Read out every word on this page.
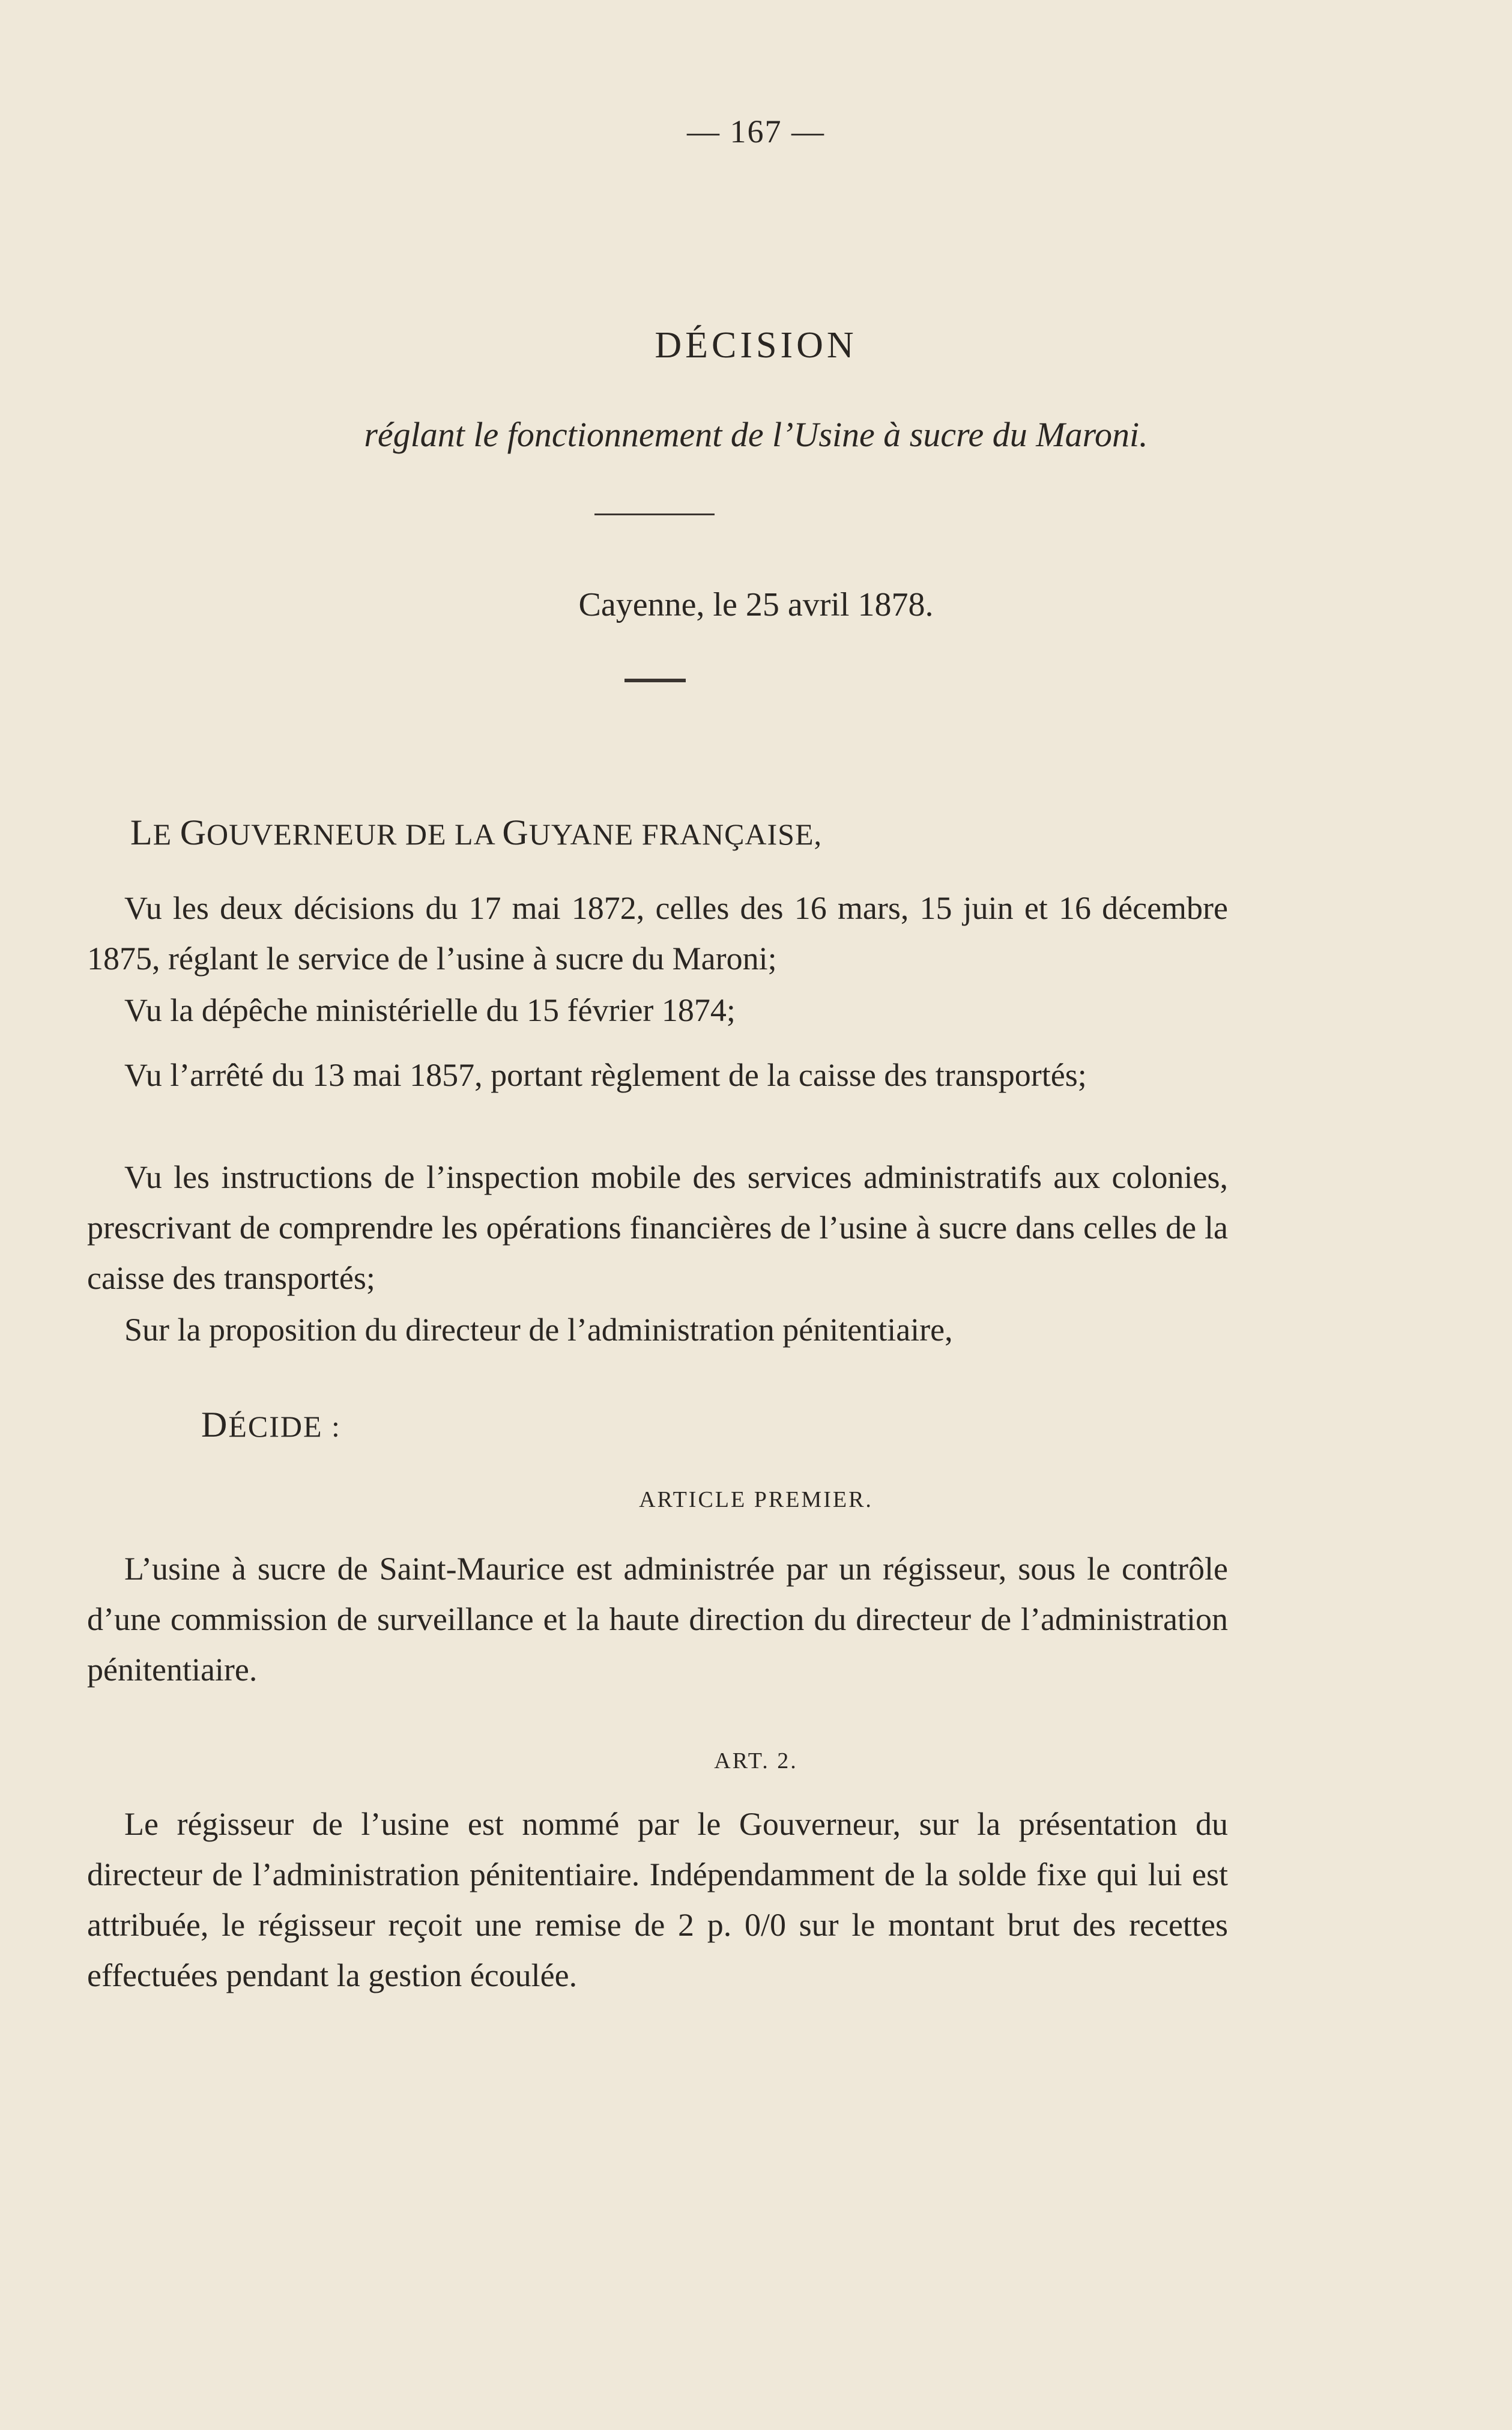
— 167 —
DÉCISION
réglant le fonctionnement de l’Usine à sucre du Maroni.
Cayenne, le 25 avril 1878.
LE GOUVERNEUR DE LA GUYANE FRANÇAISE,
Vu les deux décisions du 17 mai 1872, celles des 16 mars, 15 juin et 16 décembre 1875, réglant le service de l’usine à sucre du Maroni;
Vu la dépêche ministérielle du 15 février 1874;
Vu l’arrêté du 13 mai 1857, portant règlement de la caisse des transportés;
Vu les instructions de l’inspection mobile des services administratifs aux colonies, prescrivant de comprendre les opérations financières de l’usine à sucre dans celles de la caisse des transportés;
Sur la proposition du directeur de l’administration pénitentiaire,
DÉCIDE :
ARTICLE PREMIER.
L’usine à sucre de Saint-Maurice est administrée par un régisseur, sous le contrôle d’une commission de surveillance et la haute direction du directeur de l’administration pénitentiaire.
ART. 2.
Le régisseur de l’usine est nommé par le Gouverneur, sur la présentation du directeur de l’administration pénitentiaire. Indépendamment de la solde fixe qui lui est attribuée, le régisseur reçoit une remise de 2 p. 0/0 sur le montant brut des recettes effectuées pendant la gestion écoulée.
